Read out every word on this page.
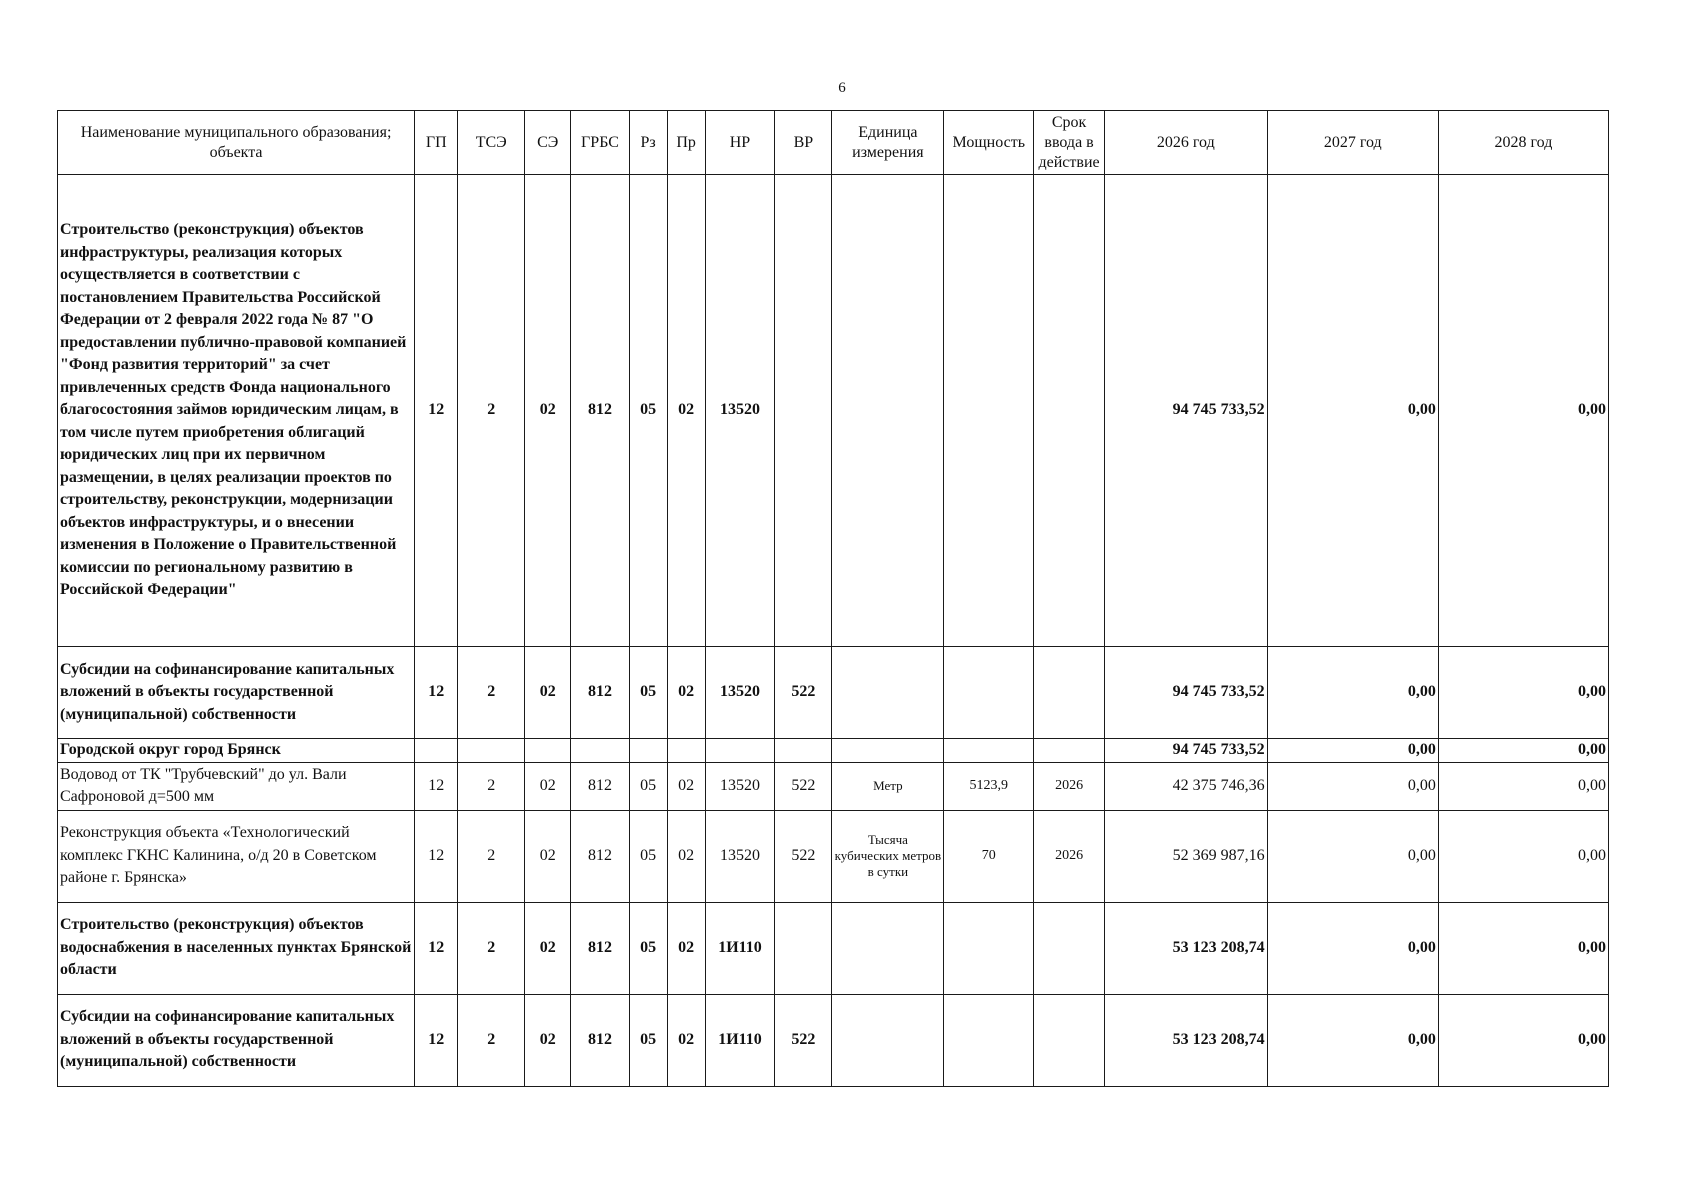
6
Наименование муниципального образования; объекта	ГП	ТСЭ	СЭ	ГРБС	Рз	Пр	НР	ВР	Единица измерения	Мощность	Срок ввода в действие	2026 год	2027 год	2028 год
Строительство (реконструкция) объектов инфраструктуры, реализация которых осуществляется в соответствии с постановлением Правительства Российской Федерации от 2 февраля 2022 года № 87 "О предоставлении публично-правовой компанией "Фонд развития территорий" за счет привлеченных средств Фонда национального благосостояния займов юридическим лицам, в том числе путем приобретения облигаций юридических лиц при их первичном размещении, в целях реализации проектов по строительству, реконструкции, модернизации объектов инфраструктуры, и о внесении изменения в Положение о Правительственной комиссии по региональному развитию в Российской Федерации"	12	2	02	812	05	02	13520					94 745 733,52	0,00	0,00
Субсидии на софинансирование капитальных вложений в объекты государственной (муниципальной) собственности	12	2	02	812	05	02	13520	522				94 745 733,52	0,00	0,00
Городской округ город Брянск												94 745 733,52	0,00	0,00
Водовод от ТК "Трубчевский" до ул. Вали Сафроновой д=500 мм	12	2	02	812	05	02	13520	522	Метр	5123,9	2026	42 375 746,36	0,00	0,00
Реконструкция объекта «Технологический комплекс ГКНС Калинина, о/д 20 в Советском районе г. Брянска»	12	2	02	812	05	02	13520	522	Тысяча кубических метров в сутки	70	2026	52 369 987,16	0,00	0,00
Строительство (реконструкция) объектов водоснабжения в населенных пунктах Брянской области	12	2	02	812	05	02	1И110					53 123 208,74	0,00	0,00
Субсидии на софинансирование капитальных вложений в объекты государственной (муниципальной) собственности	12	2	02	812	05	02	1И110	522				53 123 208,74	0,00	0,00
